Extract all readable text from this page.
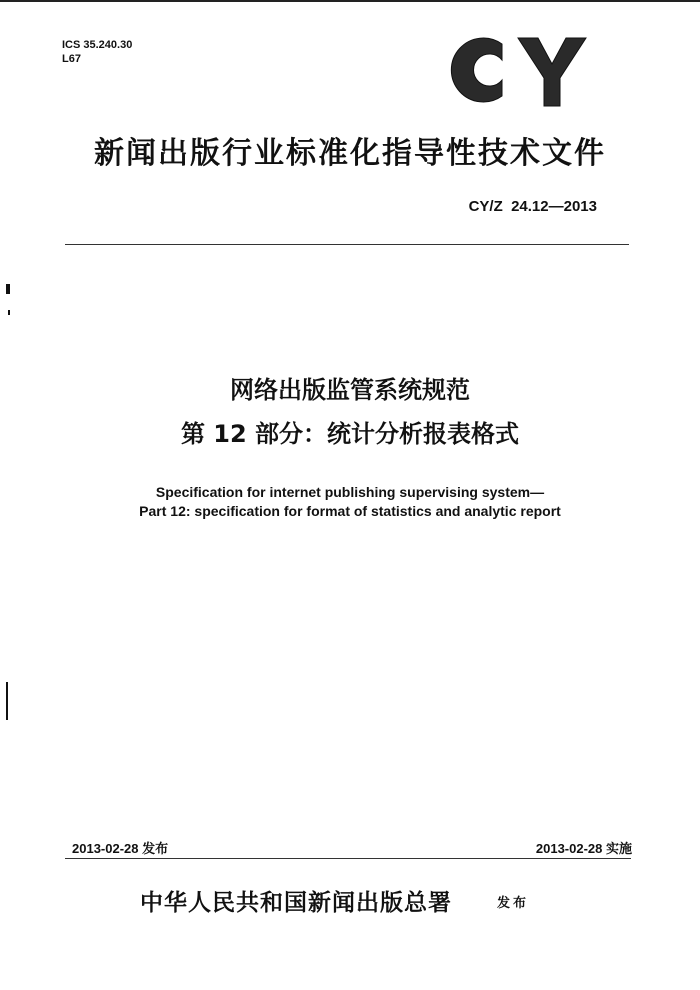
ICS 35.240.30
L67
新闻出版行业标准化指导性技术文件
CY/Z  24.12—2013
网络出版监管系统规范
第 12 部分：统计分析报表格式
Specification for internet publishing supervising system—
Part 12: specification for format of statistics and analytic report
2013-02-28 发布	2013-02-28 实施
中华人民共和国新闻出版总署	发布
